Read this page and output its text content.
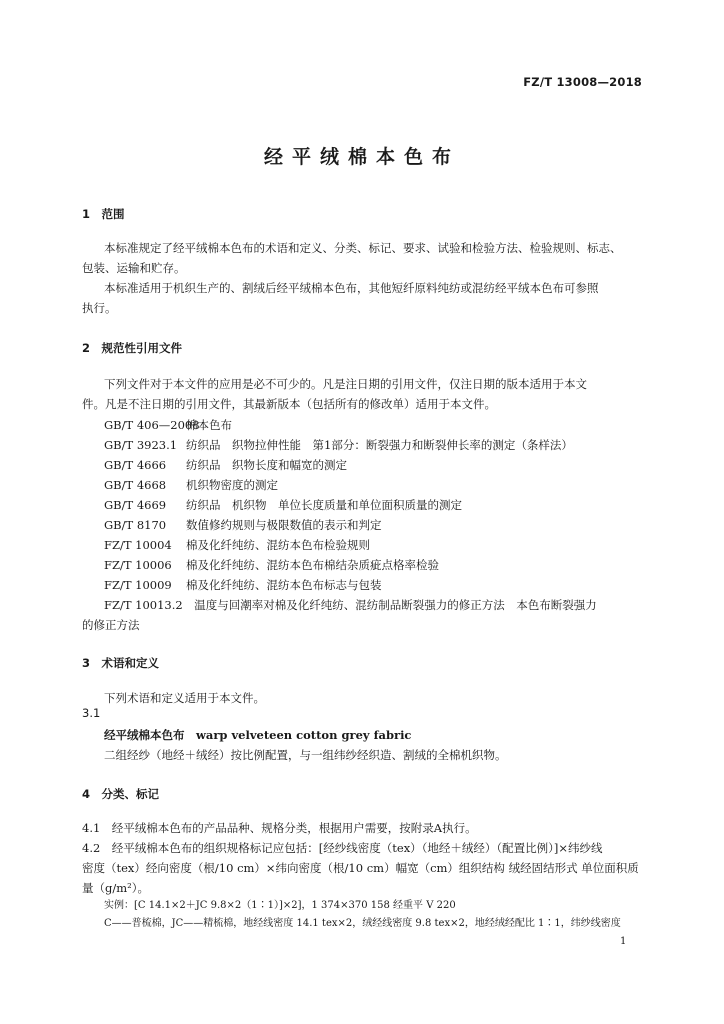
FZ/T 13008—2018
经平绒棉本色布
1　范围
本标准规定了经平绒棉本色布的术语和定义、分类、标记、要求、试验和检验方法、检验规则、标志、
包装、运输和贮存。
本标准适用于机织生产的、割绒后经平绒棉本色布，其他短纤原料纯纺或混纺经平绒本色布可参照
执行。
2　规范性引用文件
下列文件对于本文件的应用是必不可少的。凡是注日期的引用文件，仅注日期的版本适用于本文
件。凡是不注日期的引用文件，其最新版本（包括所有的修改单）适用于本文件。
GB/T 406—2008棉本色布
GB/T 3923.1 纺织品　织物拉伸性能　第1部分：断裂强力和断裂伸长率的测定（条样法）
GB/T 4666 纺织品　织物长度和幅宽的测定
GB/T 4668 机织物密度的测定
GB/T 4669 纺织品　机织物　单位长度质量和单位面积质量的测定
GB/T 8170 数值修约规则与极限数值的表示和判定
FZ/T 10004 棉及化纤纯纺、混纺本色布检验规则
FZ/T 10006 棉及化纤纯纺、混纺本色布棉结杂质疵点格率检验
FZ/T 10009 棉及化纤纯纺、混纺本色布标志与包装
FZ/T 10013.2　温度与回潮率对棉及化纤纯纺、混纺制品断裂强力的修正方法　本色布断裂强力
的修正方法
3　术语和定义
下列术语和定义适用于本文件。
3.1
经平绒棉本色布　 warp velveteen cotton grey fabric
二组经纱（地经＋绒经）按比例配置，与一组纬纱经织造、割绒的全棉机织物。
4　分类、标记
4.1　经平绒棉本色布的产品品种、规格分类，根据用户需要，按附录A执行。
4.2　经平绒棉本色布的组织规格标记应包括：[经纱线密度（tex）（地经＋绒经）（配置比例）]×纬纱线
密度（tex）经向密度（根/10 cm）×纬向密度（根/10 cm）幅宽（cm）组织结构 绒经固结形式 单位面积质
量（g/m²）。
实例：[C 14.1×2＋JC 9.8×2（1∶1）]×2]，1 374×370 158 经重平 V 220
C——普梳棉，JC——精梳棉，地经线密度 14.1 tex×2，绒经线密度 9.8 tex×2，地经绒经配比 1∶1，纬纱线密度
1
